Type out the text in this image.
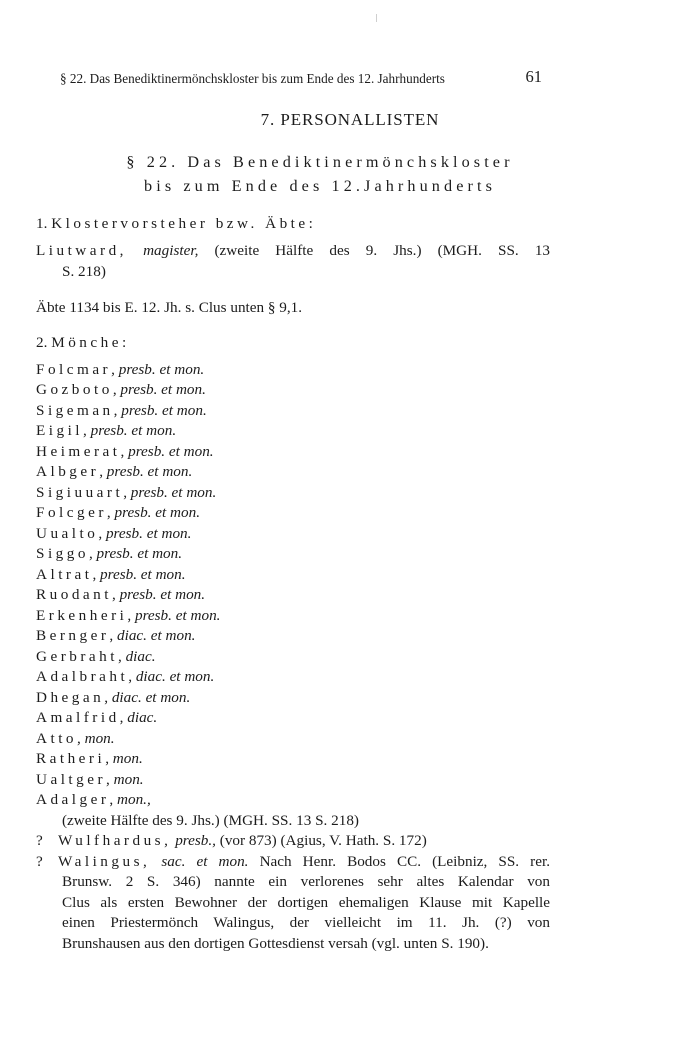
§ 22. Das Benediktinermönchskloster bis zum Ende des 12. Jahrhunderts	61
7. PERSONALLISTEN
§ 22. Das Benediktinermönchskloster
bis zum Ende des 12.Jahrhunderts
1. Klostervorsteher bzw. Äbte:
Liutward, magister, (zweite Hälfte des 9. Jhs.) (MGH. SS. 13
S. 218)
Äbte 1134 bis E. 12. Jh. s. Clus unten § 9,1.
2. Mönche:
Folcmar, presb. et mon.
Gozboto, presb. et mon.
Sigeman, presb. et mon.
Eigil, presb. et mon.
Heimerat, presb. et mon.
Albger, presb. et mon.
Sigiuuart, presb. et mon.
Folcger, presb. et mon.
Uualto, presb. et mon.
Siggo, presb. et mon.
Altrat, presb. et mon.
Ruodant, presb. et mon.
Erkenheri, presb. et mon.
Bernger, diac. et mon.
Gerbraht, diac.
Adalbraht, diac. et mon.
Dhegan, diac. et mon.
Amalfrid, diac.
Atto, mon.
Ratheri, mon.
Ualtger, mon.
Adalger, mon.,
(zweite Hälfte des 9. Jhs.) (MGH. SS. 13 S. 218)
? Wulfhardus, presb., (vor 873) (Agius, V. Hath. S. 172)
? Walingus, sac. et mon. Nach Henr. Bodos CC. (Leibniz, SS. rer.
Brunsw. 2 S. 346) nannte ein verlorenes sehr altes Kalendar von
Clus als ersten Bewohner der dortigen ehemaligen Klause mit Kapelle
einen Priestermönch Walingus, der vielleicht im 11. Jh. (?) von
Brunshausen aus den dortigen Gottesdienst versah (vgl. unten S. 190).
